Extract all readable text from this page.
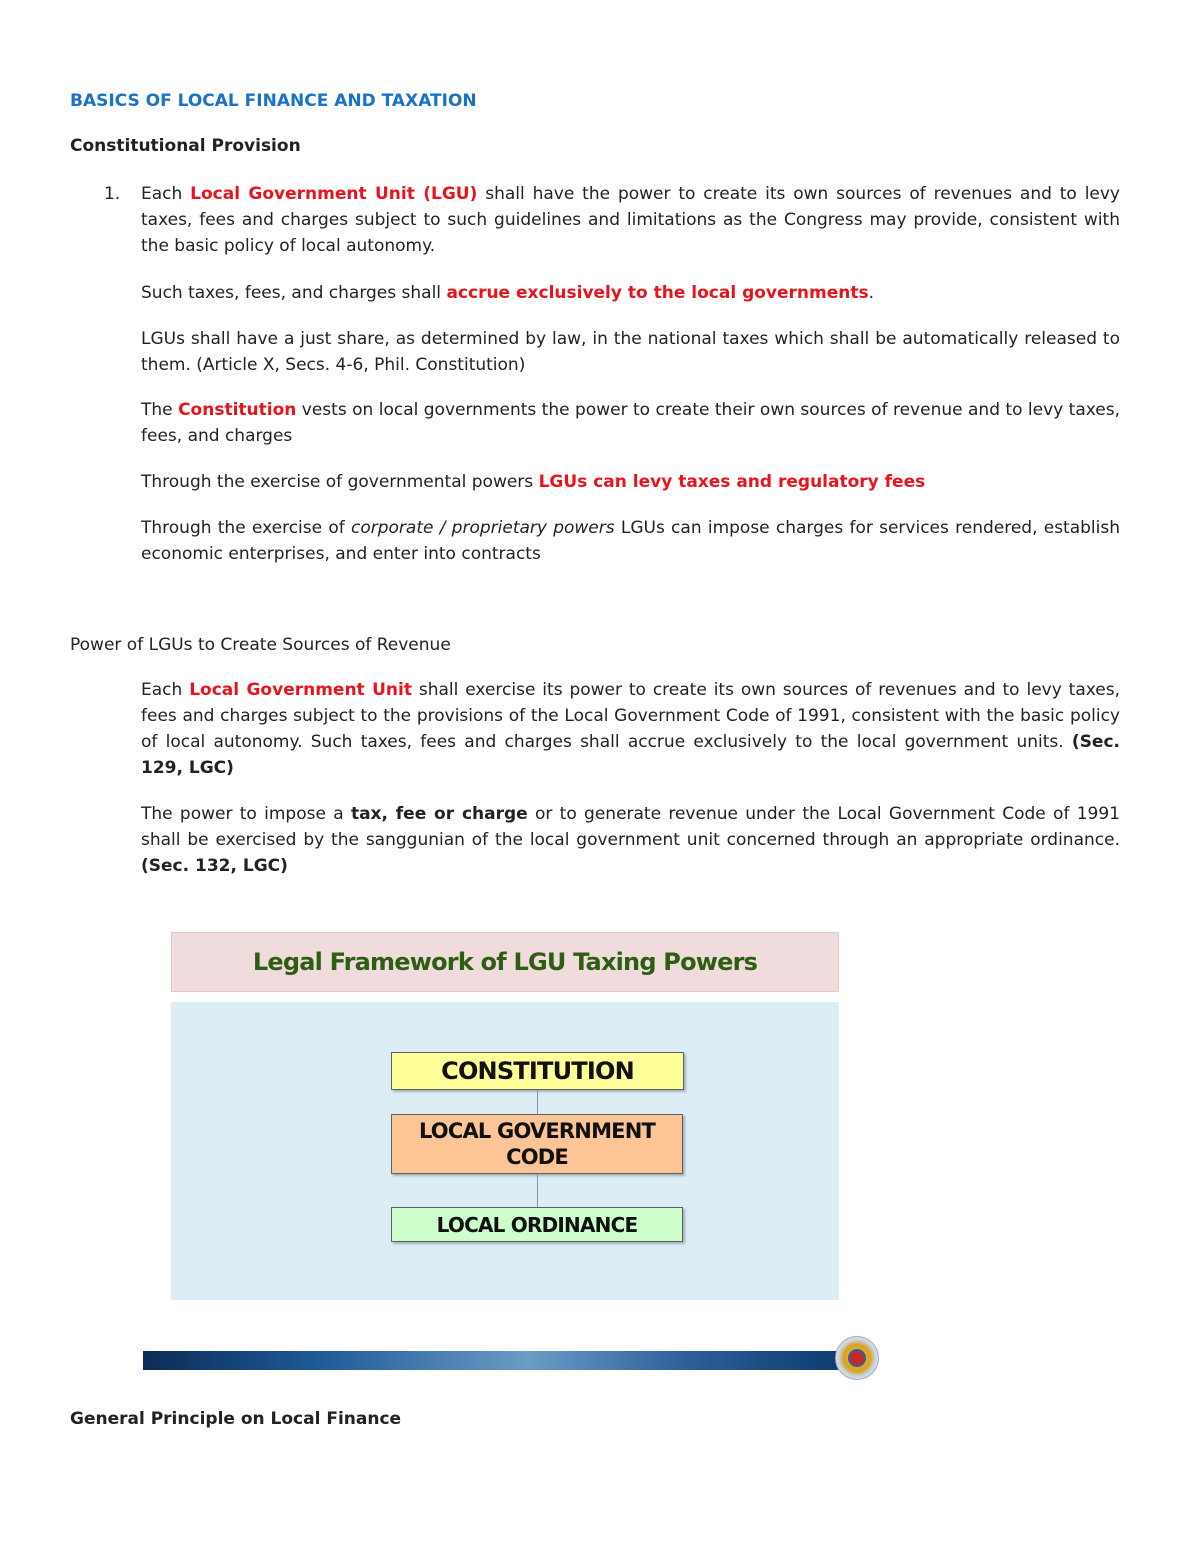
BASICS OF LOCAL FINANCE AND TAXATION
Constitutional Provision
1. Each Local Government Unit (LGU) shall have the power to create its own sources of revenues and to levy taxes, fees and charges subject to such guidelines and limitations as the Congress may provide, consistent with the basic policy of local autonomy.
Such taxes, fees, and charges shall accrue exclusively to the local governments.
LGUs shall have a just share, as determined by law, in the national taxes which shall be automatically released to them. (Article X, Secs. 4-6, Phil. Constitution)
The Constitution vests on local governments the power to create their own sources of revenue and to levy taxes, fees, and charges
Through the exercise of governmental powers LGUs can levy taxes and regulatory fees
Through the exercise of corporate / proprietary powers LGUs can impose charges for services rendered, establish economic enterprises, and enter into contracts
Power of LGUs to Create Sources of Revenue
Each Local Government Unit shall exercise its power to create its own sources of revenues and to levy taxes, fees and charges subject to the provisions of the Local Government Code of 1991, consistent with the basic policy of local autonomy. Such taxes, fees and charges shall accrue exclusively to the local government units. (Sec. 129, LGC)
The power to impose a tax, fee or charge or to generate revenue under the Local Government Code of 1991 shall be exercised by the sanggunian of the local government unit concerned through an appropriate ordinance. (Sec. 132, LGC)
Legal Framework of LGU Taxing Powers
CONSTITUTION
LOCAL GOVERNMENT CODE
LOCAL ORDINANCE
General Principle on Local Finance
